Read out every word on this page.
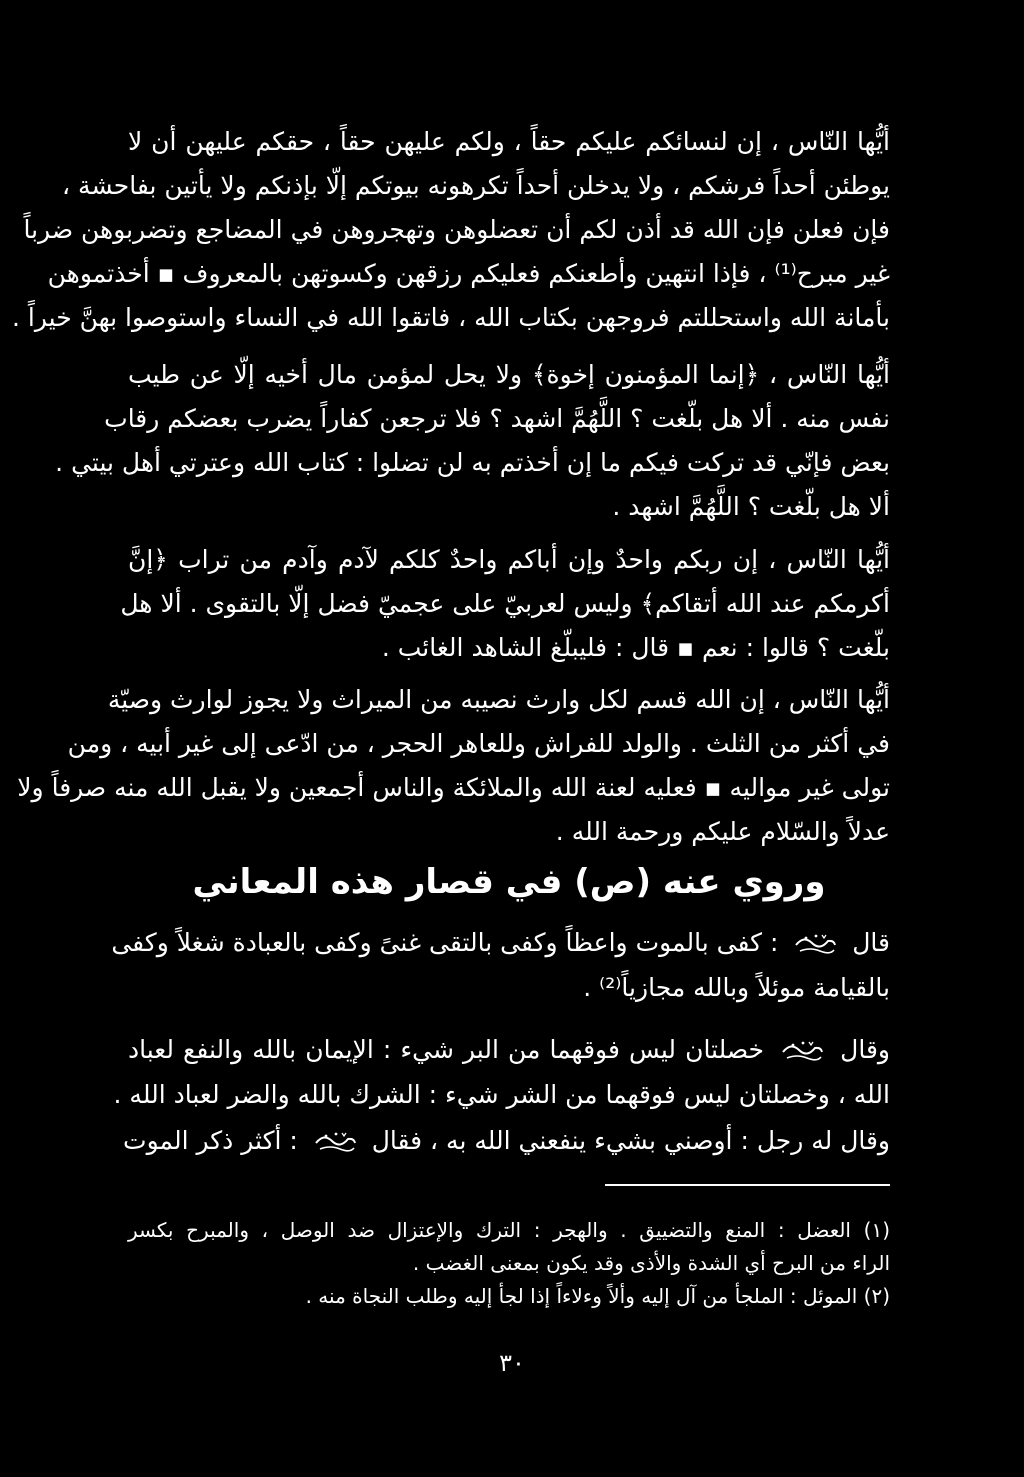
أيُّها النّاس ، إن لنسائكم عليكم حقاً ، ولكم عليهن حقاً ، حقكم عليهن أن لا
يوطئن أحداً فرشكم ، ولا يدخلن أحداً تكرهونه بيوتكم إلّا بإذنكم ولا يأتين بفاحشة ،
فإن فعلن فإن الله قد أذن لكم أن تعضلوهن وتهجروهن في المضاجع وتضربوهن ضرباً
غير مبرح⁽¹⁾ ، فإذا انتهين وأطعنكم فعليكم رزقهن وكسوتهن بالمعروف ▪ أخذتموهن
بأمانة الله واستحللتم فروجهن بكتاب الله ، فاتقوا الله في النساء واستوصوا بهنَّ خيراً .
أيُّها النّاس ، ﴿إنما المؤمنون إخوة﴾ ولا يحل لمؤمن مال أخيه إلّا عن طيب
نفس منه . ألا هل بلّغت ؟ اللَّهُمَّ اشهد ؟ فلا ترجعن كفاراً يضرب بعضكم رقاب
بعض فإنّي قد تركت فيكم ما إن أخذتم به لن تضلوا : كتاب الله وعترتي أهل بيتي .
ألا هل بلّغت ؟ اللَّهُمَّ اشهد .
أيُّها النّاس ، إن ربكم واحدٌ وإن أباكم واحدٌ كلكم لآدم وآدم من تراب ﴿إنَّ
أكرمكم عند الله أتقاكم﴾ وليس لعربيّ على عجميّ فضل إلّا بالتقوى . ألا هل
بلّغت ؟ قالوا : نعم ▪ قال : فليبلّغ الشاهد الغائب .
أيُّها النّاس ، إن الله قسم لكل وارث نصيبه من الميراث ولا يجوز لوارث وصيّة
في أكثر من الثلث . والولد للفراش وللعاهر الحجر ، من ادّعى إلى غير أبيه ، ومن
تولى غير مواليه ▪ فعليه لعنة الله والملائكة والناس أجمعين ولا يقبل الله منه صرفاً ولا
عدلاً والسّلام عليكم ورحمة الله .
وروي عنه (ص) في قصار هذه المعاني
قال
: كفى بالموت واعظاً وكفى بالتقى غنىً وكفى بالعبادة شغلاً وكفى
بالقيامة موئلاً وبالله مجازياً⁽²⁾ .
وقال
خصلتان ليس فوقهما من البر شيء : الإيمان بالله والنفع لعباد
الله ، وخصلتان ليس فوقهما من الشر شيء : الشرك بالله والضر لعباد الله .
وقال له رجل : أوصني بشيء ينفعني الله به ، فقال
: أكثر ذكر الموت
(١) العضل : المنع والتضييق . والهجر : الترك والإعتزال ضد الوصل ، والمبرح بكسر
الراء من البرح أي الشدة والأذى وقد يكون بمعنى الغضب .
(٢) الموئل : الملجأ من آل إليه وألاً وءلاءاً إذا لجأ إليه وطلب النجاة منه .
٣٠
